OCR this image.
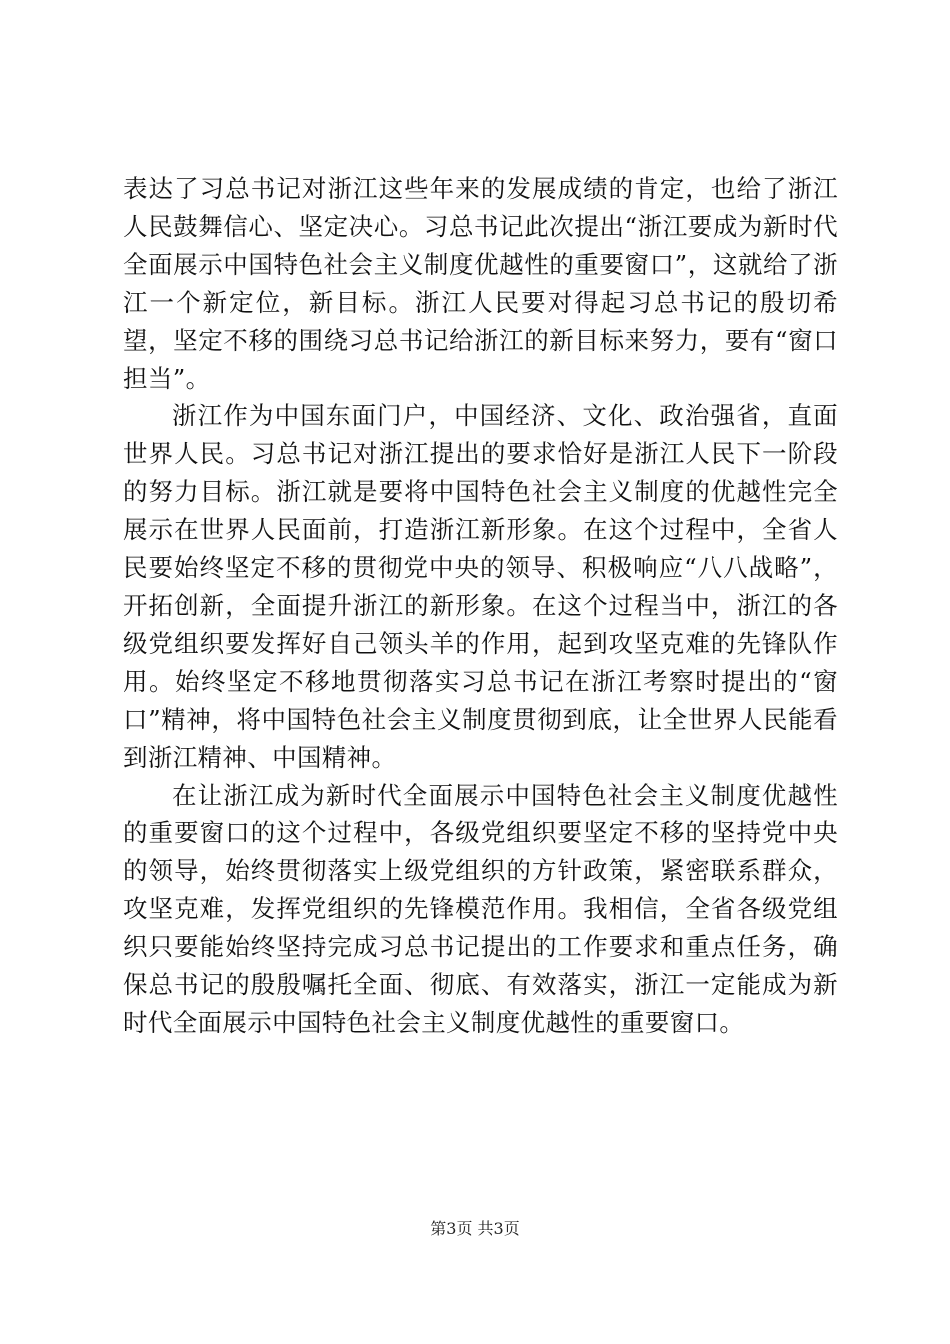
表达了习总书记对浙江这些年来的发展成绩的肯定，也给了浙江人民鼓舞信心、坚定决心。习总书记此次提出“浙江要成为新时代全面展示中国特色社会主义制度优越性的重要窗口”，这就给了浙江一个新定位，新目标。浙江人民要对得起习总书记的殷切希望，坚定不移的围绕习总书记给浙江的新目标来努力，要有“窗口担当”。

浙江作为中国东面门户，中国经济、文化、政治强省，直面世界人民。习总书记对浙江提出的要求恰好是浙江人民下一阶段的努力目标。浙江就是要将中国特色社会主义制度的优越性完全展示在世界人民面前，打造浙江新形象。在这个过程中，全省人民要始终坚定不移的贯彻党中央的领导、积极响应“八八战略”，开拓创新，全面提升浙江的新形象。在这个过程当中，浙江的各级党组织要发挥好自己领头羊的作用，起到攻坚克难的先锋队作用。始终坚定不移地贯彻落实习总书记在浙江考察时提出的“窗口”精神，将中国特色社会主义制度贯彻到底，让全世界人民能看到浙江精神、中国精神。

在让浙江成为新时代全面展示中国特色社会主义制度优越性的重要窗口的这个过程中，各级党组织要坚定不移的坚持党中央的领导，始终贯彻落实上级党组织的方针政策，紧密联系群众，攻坚克难，发挥党组织的先锋模范作用。我相信，全省各级党组织只要能始终坚持完成习总书记提出的工作要求和重点任务，确保总书记的殷殷嘱托全面、彻底、有效落实，浙江一定能成为新时代全面展示中国特色社会主义制度优越性的重要窗口。

第3页 共3页
